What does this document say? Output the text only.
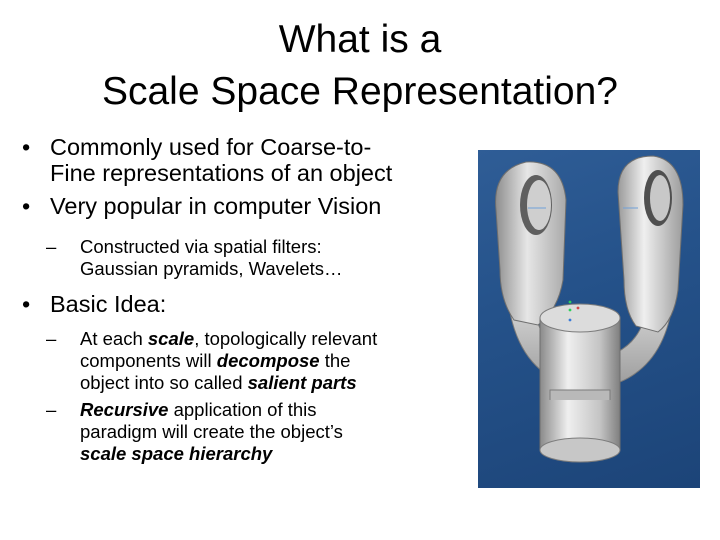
What is a
Scale Space Representation?
• Commonly used for Coarse-to-
Fine representations of an object
• Very popular in computer Vision
– Constructed via spatial filters:
Gaussian pyramids, Wavelets…
• Basic Idea:
– At each scale, topologically relevant
components will decompose the
object into so called salient parts
– Recursive application of this
paradigm will create the object’s
scale space hierarchy
